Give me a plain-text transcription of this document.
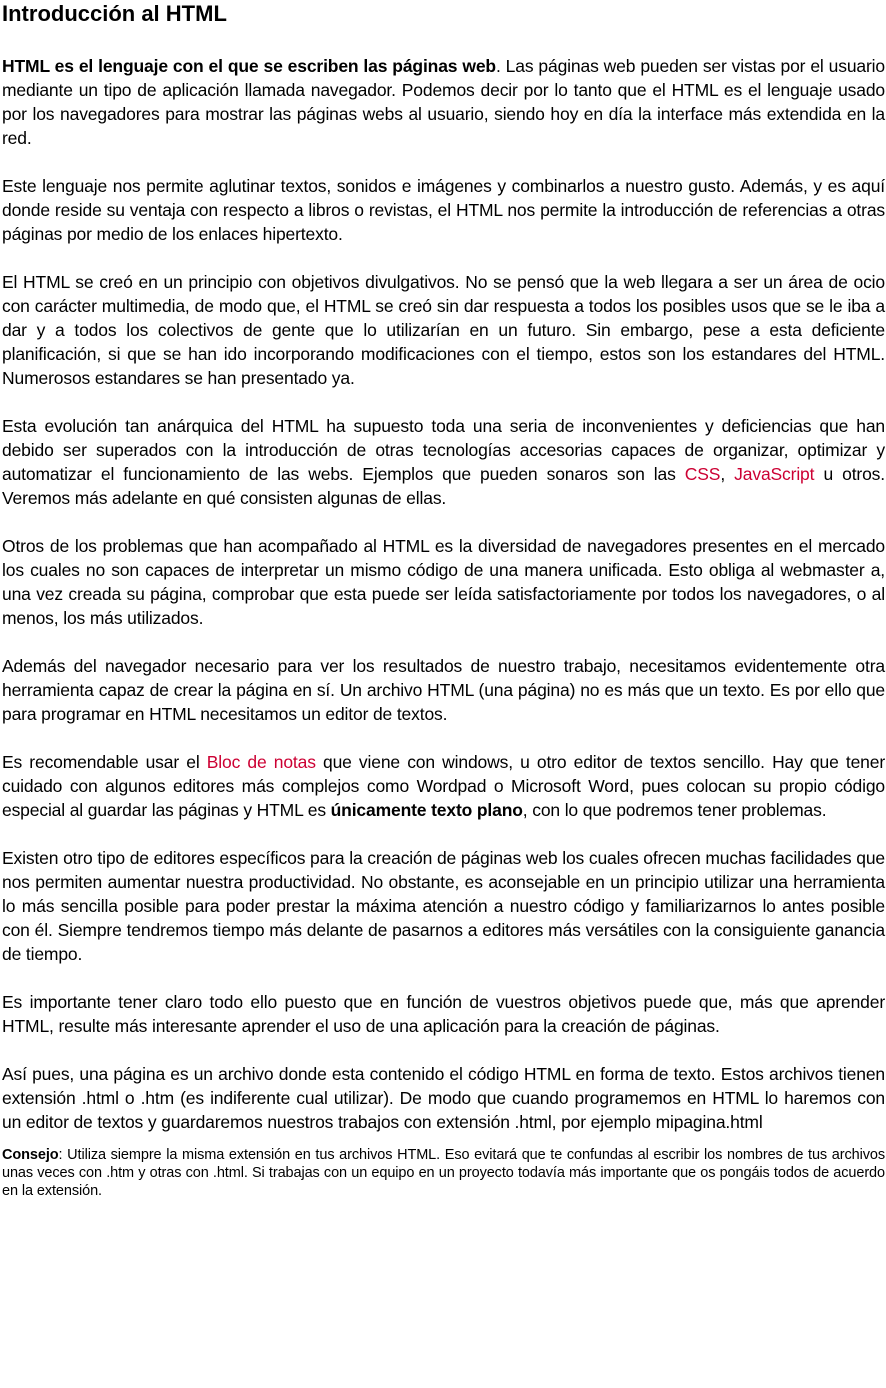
Introducción al HTML

HTML es el lenguaje con el que se escriben las páginas web. Las páginas web pueden ser vistas por el usuario mediante un tipo de aplicación llamada navegador. Podemos decir por lo tanto que el HTML es el lenguaje usado por los navegadores para mostrar las páginas webs al usuario, siendo hoy en día la interface más extendida en la red.

Este lenguaje nos permite aglutinar textos, sonidos e imágenes y combinarlos a nuestro gusto. Además, y es aquí donde reside su ventaja con respecto a libros o revistas, el HTML nos permite la introducción de referencias a otras páginas por medio de los enlaces hipertexto.

El HTML se creó en un principio con objetivos divulgativos. No se pensó que la web llegara a ser un área de ocio con carácter multimedia, de modo que, el HTML se creó sin dar respuesta a todos los posibles usos que se le iba a dar y a todos los colectivos de gente que lo utilizarían en un futuro. Sin embargo, pese a esta deficiente planificación, si que se han ido incorporando modificaciones con el tiempo, estos son los estandares del HTML. Numerosos estandares se han presentado ya.

Esta evolución tan anárquica del HTML ha supuesto toda una seria de inconvenientes y deficiencias que han debido ser superados con la introducción de otras tecnologías accesorias capaces de organizar, optimizar y automatizar el funcionamiento de las webs. Ejemplos que pueden sonaros son las CSS, JavaScript u otros. Veremos más adelante en qué consisten algunas de ellas.

Otros de los problemas que han acompañado al HTML es la diversidad de navegadores presentes en el mercado los cuales no son capaces de interpretar un mismo código de una manera unificada. Esto obliga al webmaster a, una vez creada su página, comprobar que esta puede ser leída satisfactoriamente por todos los navegadores, o al menos, los más utilizados.

Además del navegador necesario para ver los resultados de nuestro trabajo, necesitamos evidentemente otra herramienta capaz de crear la página en sí. Un archivo HTML (una página) no es más que un texto. Es por ello que para programar en HTML necesitamos un editor de textos.

Es recomendable usar el Bloc de notas que viene con windows, u otro editor de textos sencillo. Hay que tener cuidado con algunos editores más complejos como Wordpad o Microsoft Word, pues colocan su propio código especial al guardar las páginas y HTML es únicamente texto plano, con lo que podremos tener problemas.

Existen otro tipo de editores específicos para la creación de páginas web los cuales ofrecen muchas facilidades que nos permiten aumentar nuestra productividad. No obstante, es aconsejable en un principio utilizar una herramienta lo más sencilla posible para poder prestar la máxima atención a nuestro código y familiarizarnos lo antes posible con él. Siempre tendremos tiempo más delante de pasarnos a editores más versátiles con la consiguiente ganancia de tiempo.

Es importante tener claro todo ello puesto que en función de vuestros objetivos puede que, más que aprender HTML, resulte más interesante aprender el uso de una aplicación para la creación de páginas.

Así pues, una página es un archivo donde esta contenido el código HTML en forma de texto. Estos archivos tienen extensión .html o .htm (es indiferente cual utilizar). De modo que cuando programemos en HTML lo haremos con un editor de textos y guardaremos nuestros trabajos con extensión .html, por ejemplo mipagina.html

Consejo: Utiliza siempre la misma extensión en tus archivos HTML. Eso evitará que te confundas al escribir los nombres de tus archivos unas veces con .htm y otras con .html. Si trabajas con un equipo en un proyecto todavía más importante que os pongáis todos de acuerdo en la extensión.
